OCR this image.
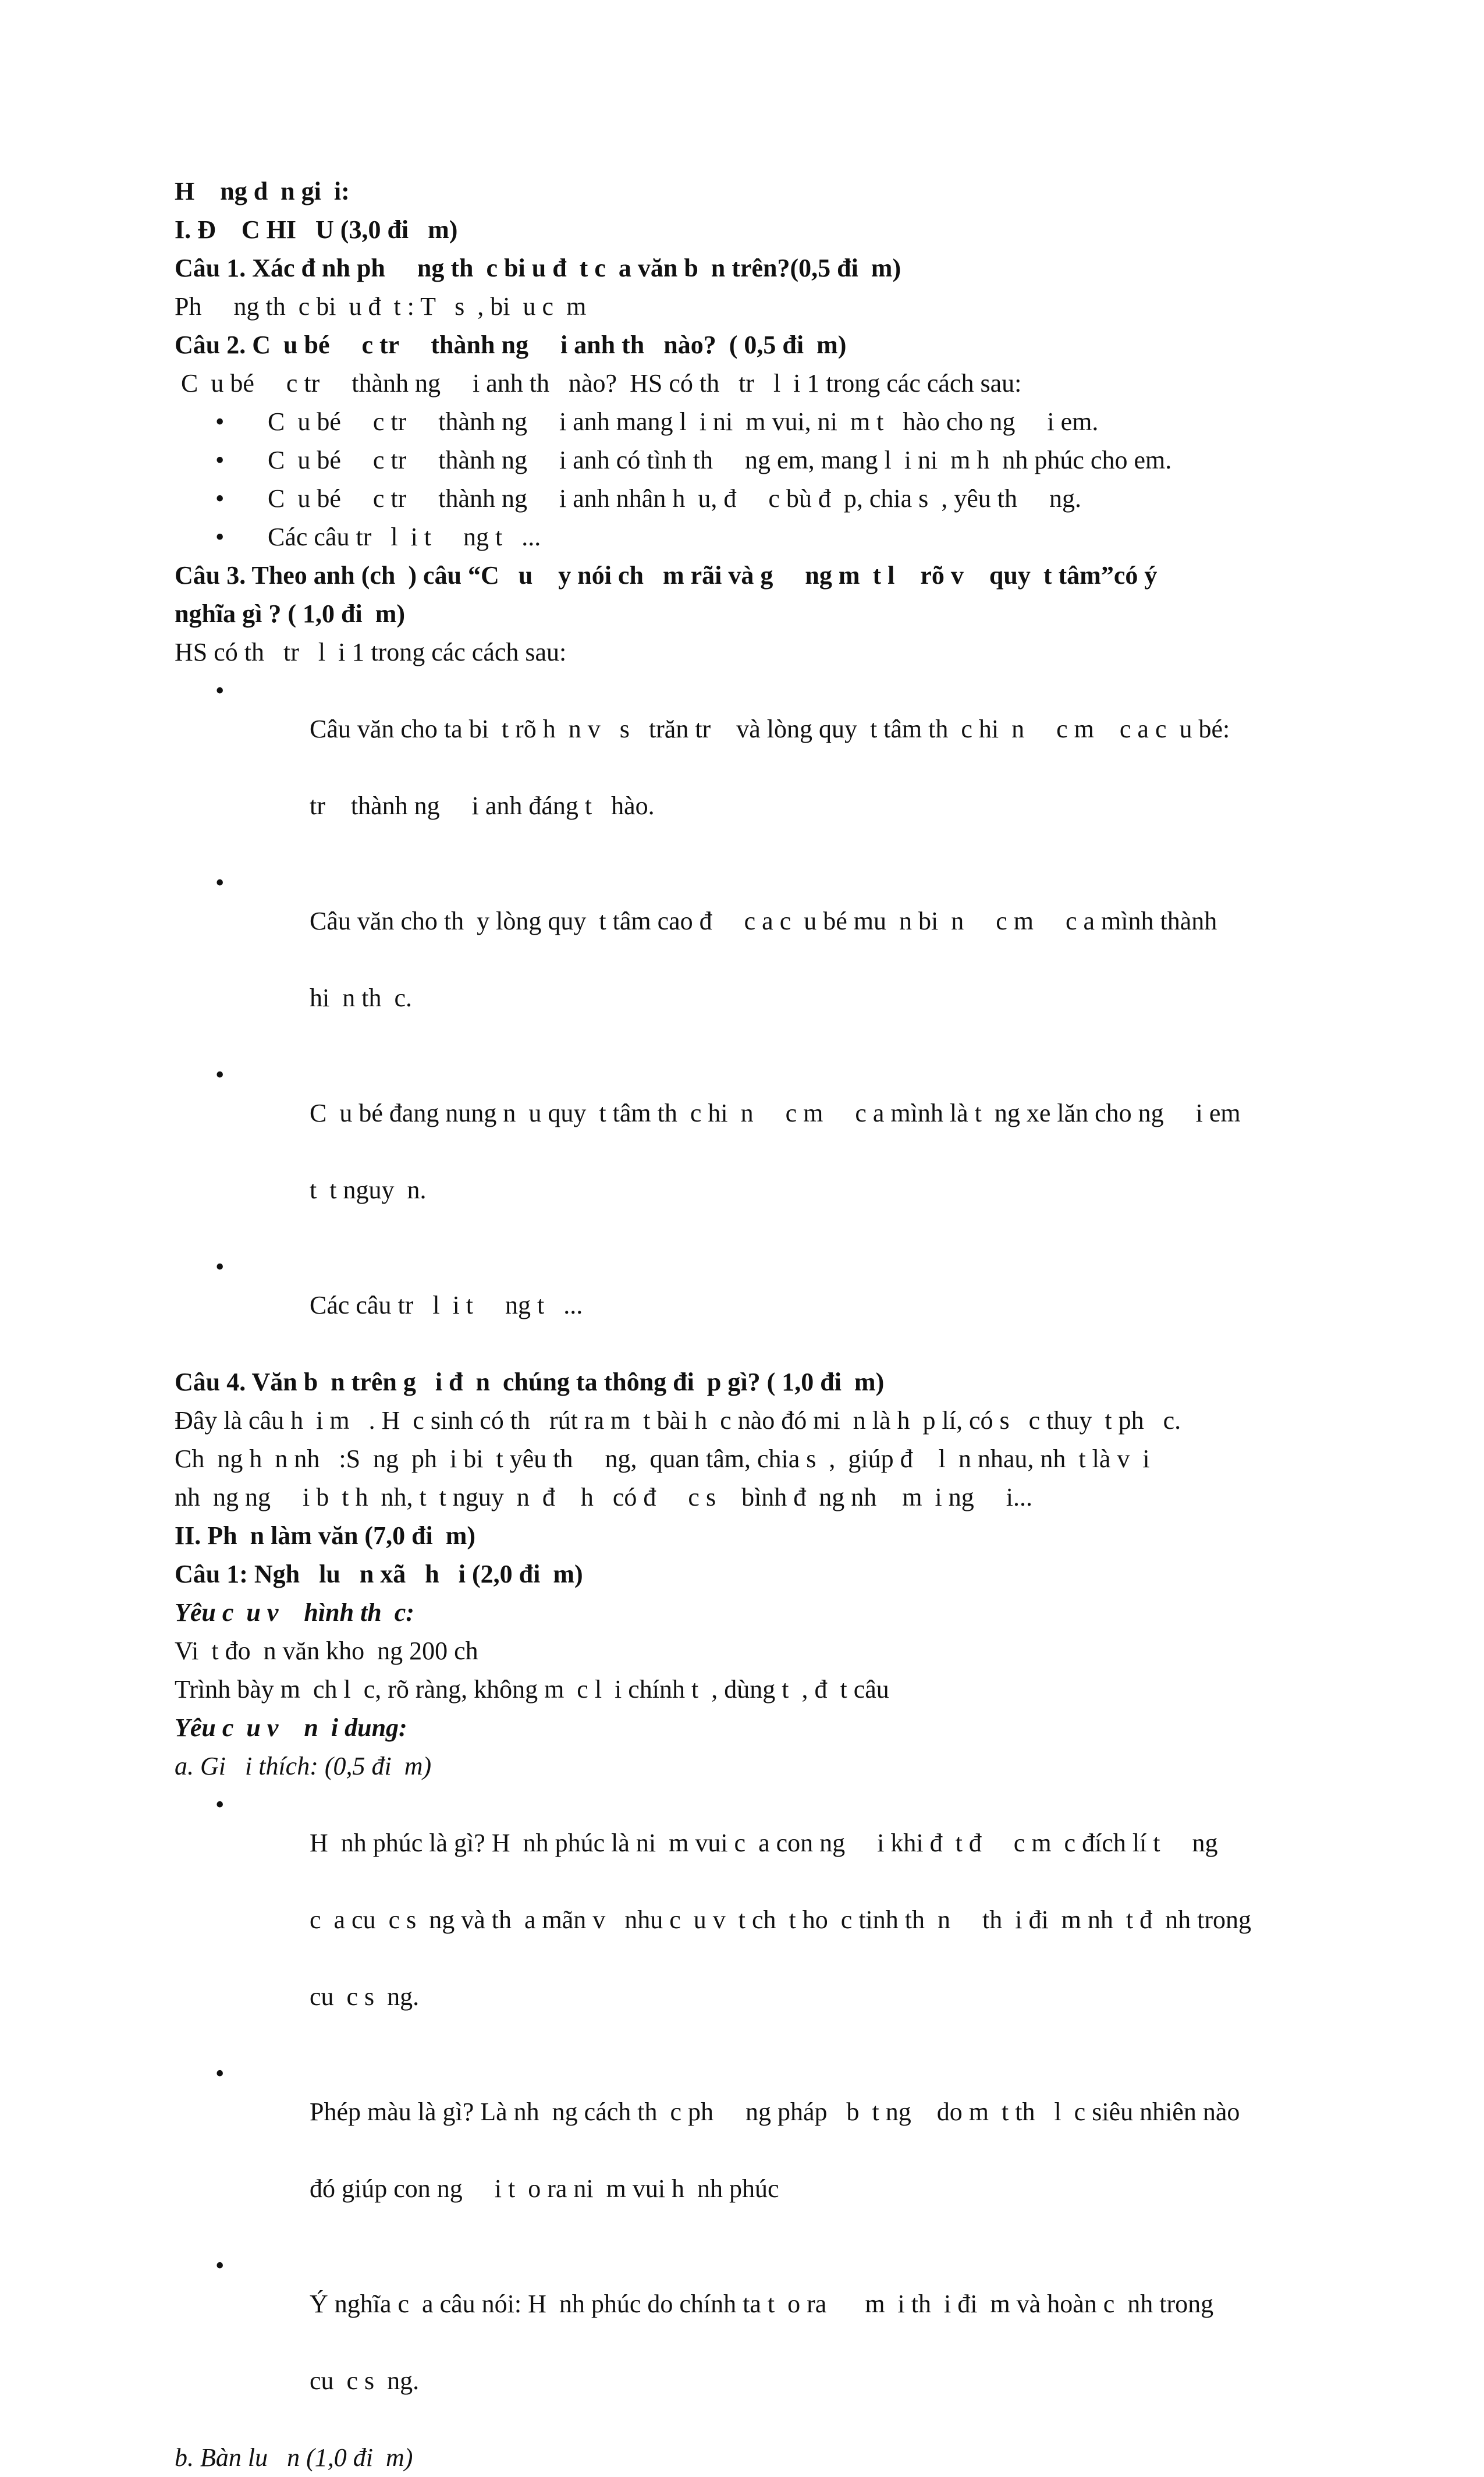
H    ng d  n gi  i:
I. Đ    C HI   U (3,0 đi   m)
Câu 1. Xác đ nh ph     ng th  c bi u đ  t c  a văn b  n trên?(0,5 đi  m)
Ph     ng th  c bi  u đ  t : T   s  , bi  u c  m
Câu 2. C  u bé     c tr     thành ng     i anh th   nào?  ( 0,5 đi  m)
C  u bé     c tr     thành ng     i anh th   nào?  HS có th   tr   l  i 1 trong các cách sau:
• C  u bé     c tr     thành ng     i anh mang l  i ni  m vui, ni  m t   hào cho ng     i em.
• C  u bé     c tr     thành ng     i anh có tình th     ng em, mang l  i ni  m h  nh phúc cho em.
• C  u bé     c tr     thành ng     i anh nhân h  u, đ     c bù đ  p, chia s  , yêu th     ng.
• Các câu tr   l  i t     ng t   ...
Câu 3. Theo anh (ch  ) câu “C   u    y nói ch   m rãi và g     ng m  t l    rõ v    quy  t tâm”có ý
nghĩa gì ? ( 1,0 đi  m)
HS có th   tr   l  i 1 trong các cách sau:

• Câu văn cho ta bi  t rõ h  n v   s   trăn tr    và lòng quy  t tâm th  c hi  n     c m    c a c  u bé:

tr    thành ng     i anh đáng t   hào.

• Câu văn cho th  y lòng quy  t tâm cao đ     c a c  u bé mu  n bi  n     c m     c a mình thành

hi  n th  c.

• C  u bé đang nung n  u quy  t tâm th  c hi  n     c m     c a mình là t  ng xe lăn cho ng     i em

t  t nguy  n.

• Các câu tr   l  i t     ng t   ...

Câu 4. Văn b  n trên g   i đ  n  chúng ta thông đi  p gì? ( 1,0 đi  m)
Đây là câu h  i m   . H  c sinh có th   rút ra m  t bài h  c nào đó mi  n là h  p lí, có s   c thuy  t ph   c.
Ch  ng h  n nh   :S  ng  ph  i bi  t yêu th     ng,  quan tâm, chia s  ,  giúp đ    l  n nhau, nh  t là v  i
nh  ng ng     i b  t h  nh, t  t nguy  n  đ    h   có đ     c s    bình đ  ng nh    m  i ng     i...
II. Ph  n làm văn (7,0 đi  m)
Câu 1: Ngh   lu   n xã   h   i (2,0 đi  m)
Yêu c  u v    hình th  c:
Vi  t đo  n văn kho  ng 200 ch
Trình bày m  ch l  c, rõ ràng, không m  c l  i chính t  , dùng t  , đ  t câu
Yêu c  u v    n  i dung:
a. Gi   i thích: (0,5 đi  m)

• H  nh phúc là gì? H  nh phúc là ni  m vui c  a con ng     i khi đ  t đ     c m  c đích lí t     ng

c  a cu  c s  ng và th  a mãn v   nhu c  u v  t ch  t ho  c tinh th  n     th  i đi  m nh  t đ  nh trong

cu  c s  ng.

• Phép màu là gì? Là nh  ng cách th  c ph     ng pháp   b  t ng    do m  t th   l  c siêu nhiên nào

đó giúp con ng     i t  o ra ni  m vui h  nh phúc

• Ý nghĩa c  a câu nói: H  nh phúc do chính ta t  o ra      m  i th  i đi  m và hoàn c  nh trong

cu  c s  ng.

b. Bàn lu   n (1,0 đi  m)
